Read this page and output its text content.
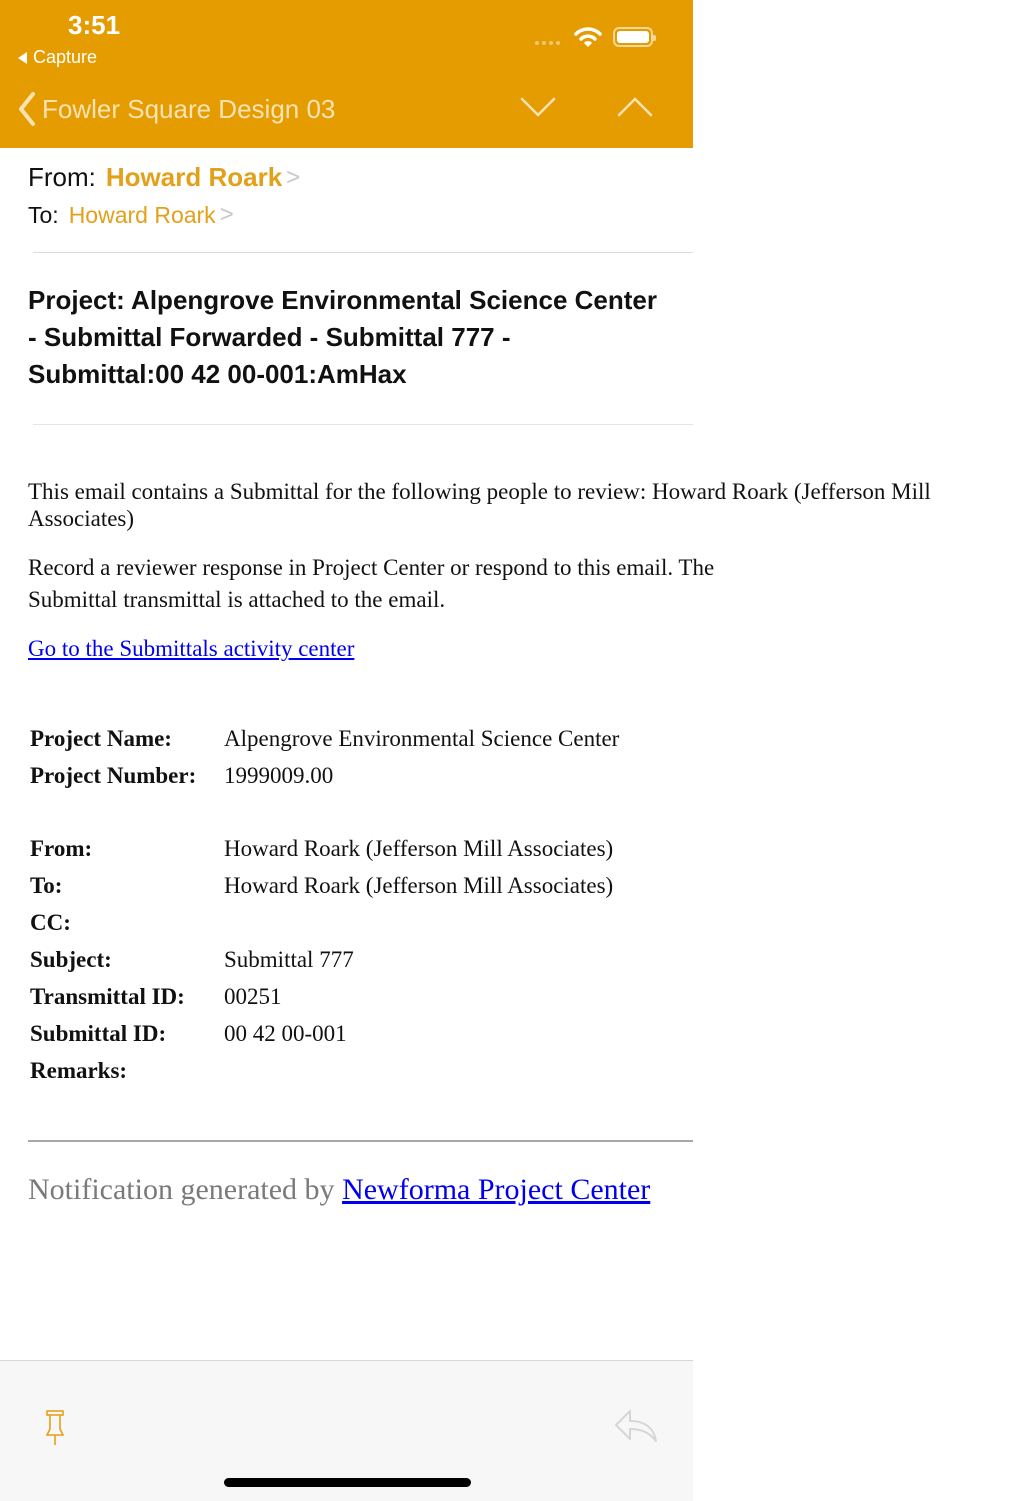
3:51
Capture
Fowler Square Design 03
From: Howard Roark >
To: Howard Roark >
Project: Alpengrove Environmental Science Center - Submittal Forwarded - Submittal 777 - Submittal:00 42 00-001:AmHax
This email contains a Submittal for the following people to review: Howard Roark (Jefferson Mill Associates)
Record a reviewer response in Project Center or respond to this email. The Submittal transmittal is attached to the email.
Go to the Submittals activity center
Project Name:	Alpengrove Environmental Science Center
Project Number:	1999009.00
From:	Howard Roark (Jefferson Mill Associates)
To:	Howard Roark (Jefferson Mill Associates)
CC:	
Subject:	Submittal 777
Transmittal ID:	00251
Submittal ID:	00 42 00-001
Remarks:	
Notification generated by Newforma Project Center
